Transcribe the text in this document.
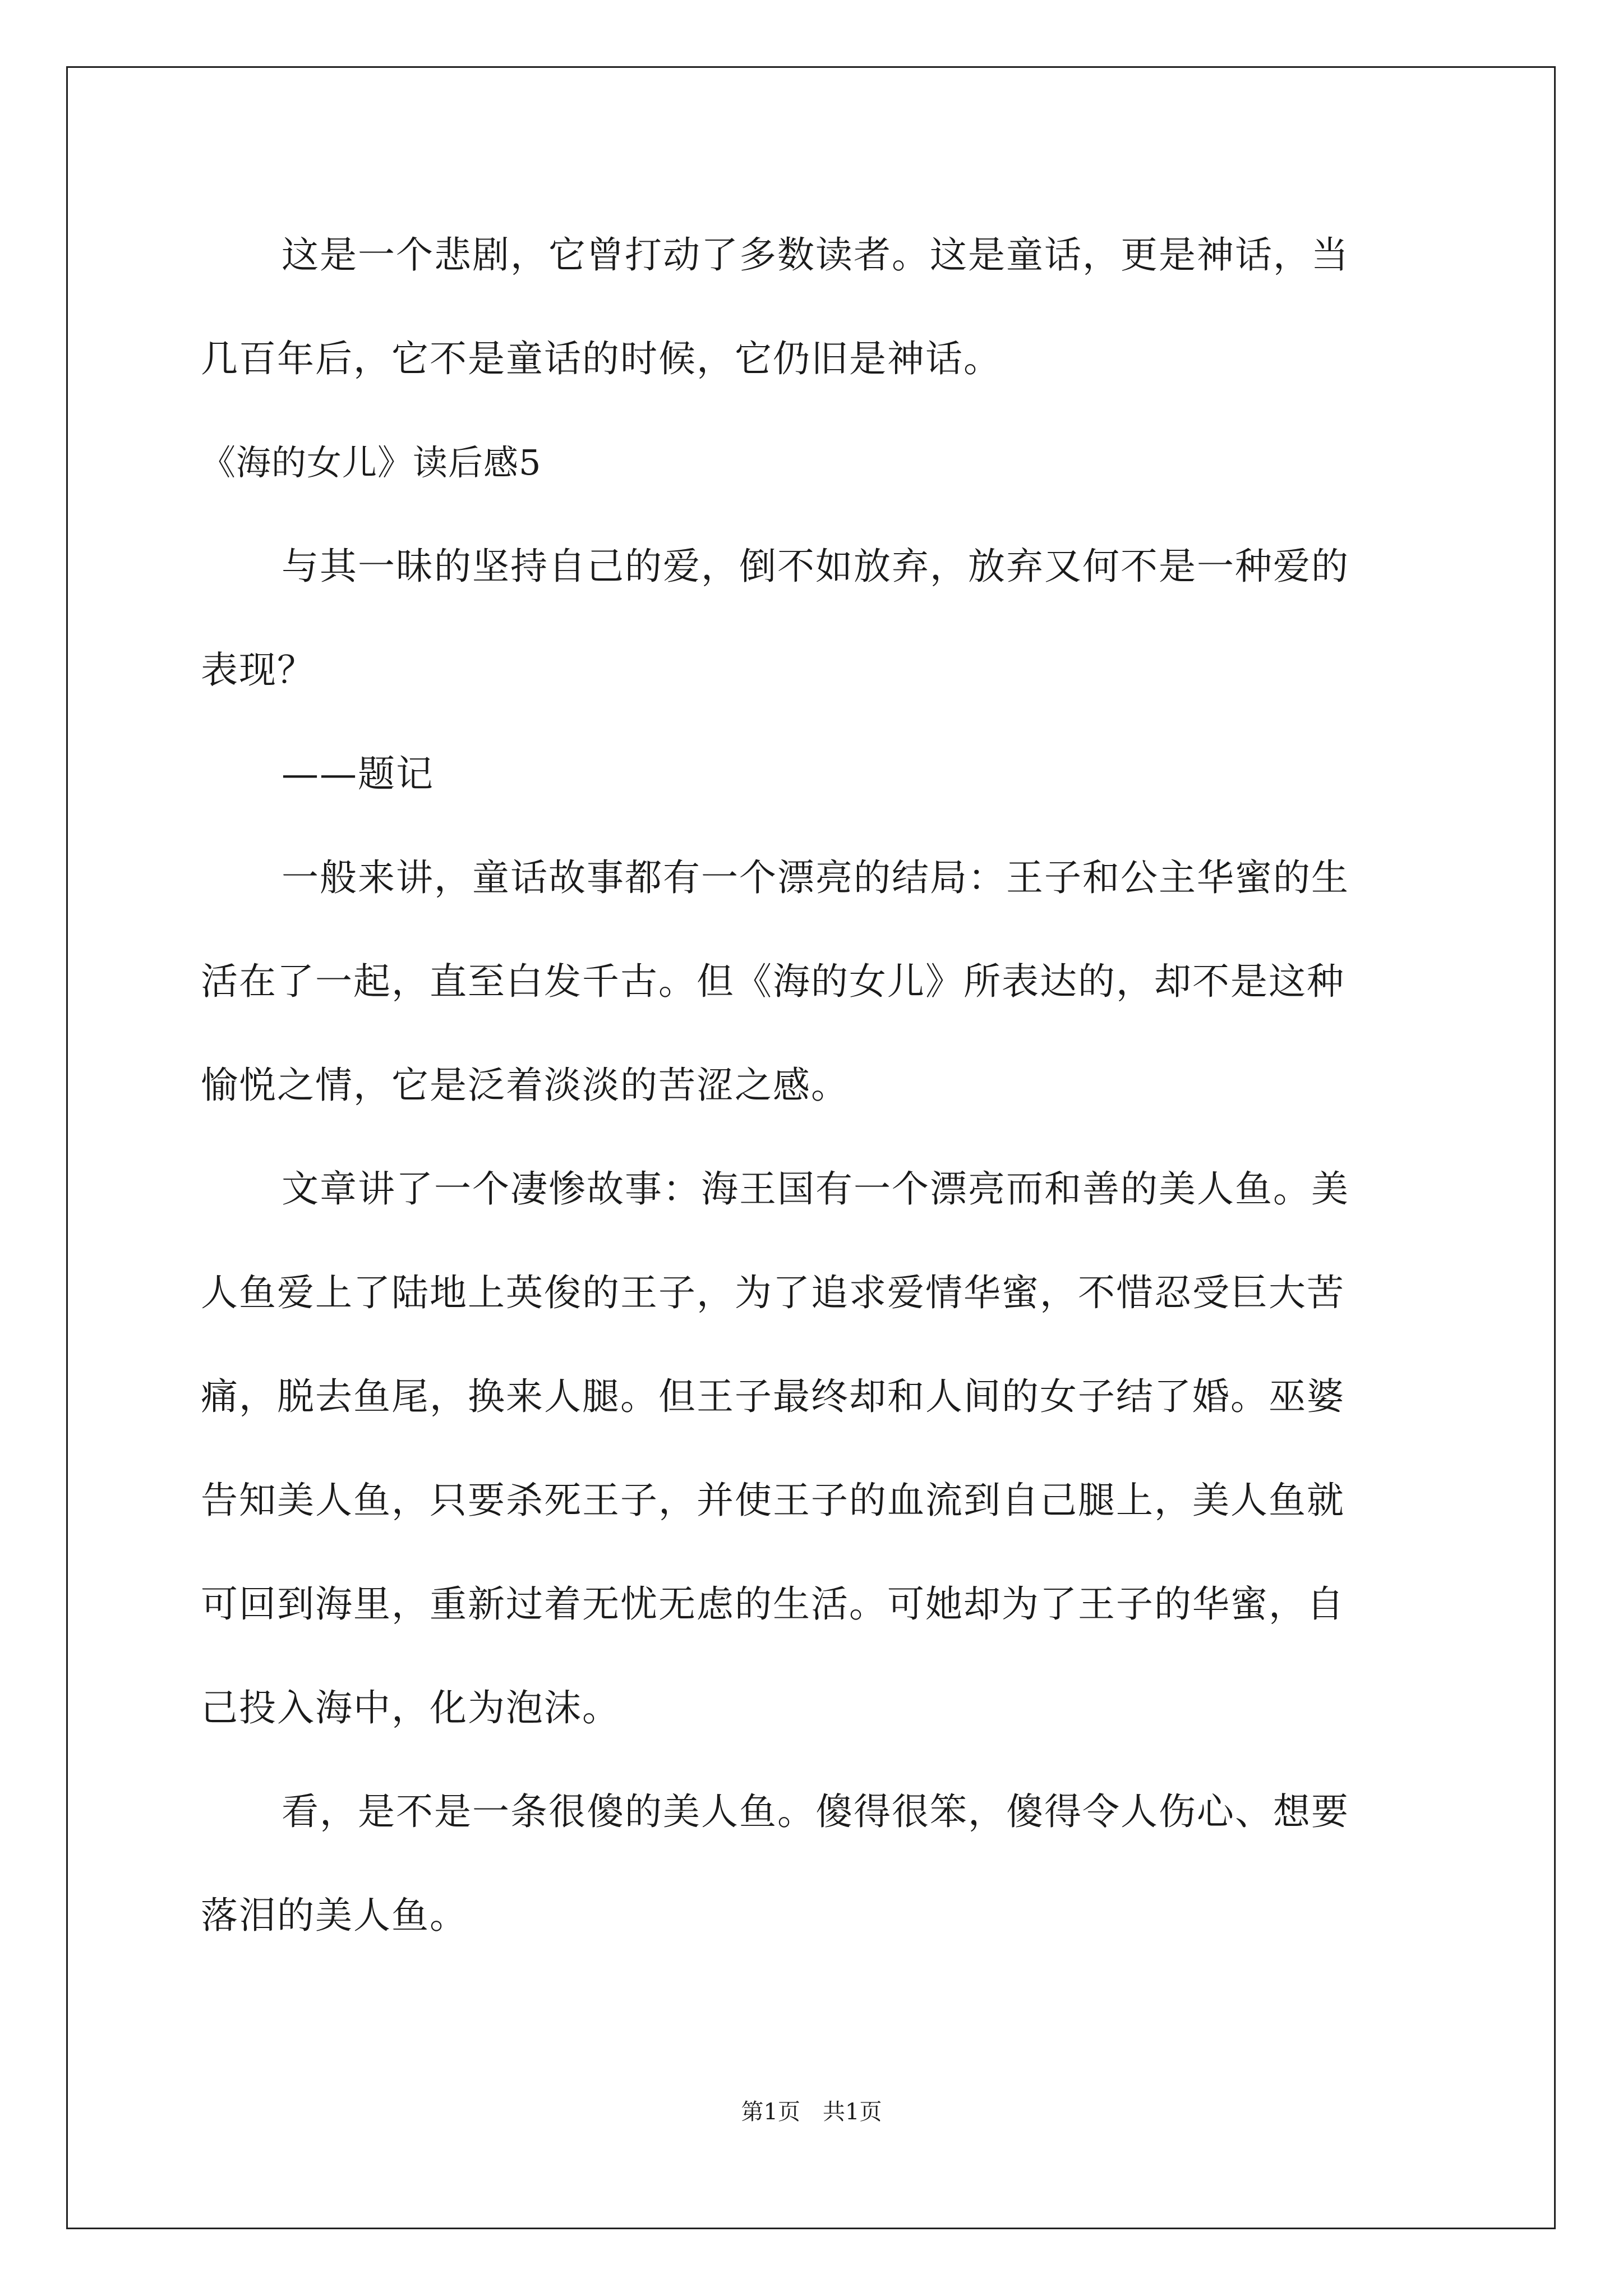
这是一个悲剧，它曾打动了多数读者。这是童话，更是神话，当
几百年后，它不是童话的时候，它仍旧是神话。
《海的女儿》读后感5
与其一昧的坚持自己的爱，倒不如放弃，放弃又何不是一种爱的
表现？
——题记
一般来讲，童话故事都有一个漂亮的结局：王子和公主华蜜的生
活在了一起，直至白发千古。但《海的女儿》所表达的，却不是这种
愉悦之情，它是泛着淡淡的苦涩之感。
文章讲了一个凄惨故事：海王国有一个漂亮而和善的美人鱼。美
人鱼爱上了陆地上英俊的王子，为了追求爱情华蜜，不惜忍受巨大苦
痛，脱去鱼尾，换来人腿。但王子最终却和人间的女子结了婚。巫婆
告知美人鱼，只要杀死王子，并使王子的血流到自己腿上，美人鱼就
可回到海里，重新过着无忧无虑的生活。可她却为了王子的华蜜，自
己投入海中，化为泡沫。
看，是不是一条很傻的美人鱼。傻得很笨，傻得令人伤心、想要
落泪的美人鱼。
第1页 共1页
